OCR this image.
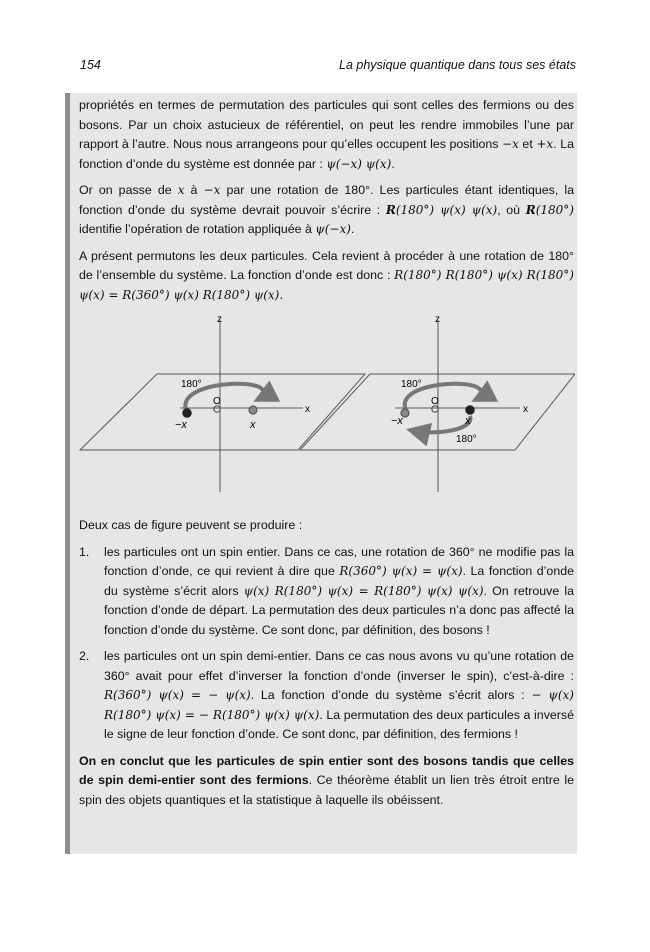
154	La physique quantique dans tous ses états

propriétés en termes de permutation des particules qui sont celles des fermions ou des bosons. Par un choix astucieux de référentiel, on peut les rendre immobiles l’une par rapport à l’autre. Nous nous arrangeons pour qu’elles occupent les positions −x et +x. La fonction d’onde du système est donnée par : ψ(−x) ψ(x).

Or on passe de x à −x par une rotation de 180°. Les particules étant identiques, la fonction d’onde du système devrait pouvoir s’écrire : R(180°) ψ(x) ψ(x), où R(180°) identifie l’opération de rotation appliquée à ψ(−x).

A présent permutons les deux particules. Cela revient à procéder à une rotation de 180° de l’ensemble du système. La fonction d’onde est donc : R(180°) R(180°) ψ(x) R(180°) ψ(x) = R(360°) ψ(x) R(180°) ψ(x).

z
x
180°
O
−x	x
z
x
180°
180°
O
−x	x

Deux cas de figure peuvent se produire :

1. les particules ont un spin entier. Dans ce cas, une rotation de 360° ne modifie pas la fonction d’onde, ce qui revient à dire que R(360°) ψ(x) = ψ(x). La fonction d’onde du système s’écrit alors ψ(x) R(180°) ψ(x) = R(180°) ψ(x) ψ(x). On retrouve la fonction d’onde de départ. La permutation des deux particules n’a donc pas affecté la fonction d’onde du système. Ce sont donc, par définition, des bosons !
2. les particules ont un spin demi-entier. Dans ce cas nous avons vu qu’une rotation de 360° avait pour effet d’inverser la fonction d’onde (inverser le spin), c’est-à-dire : R(360°) ψ(x) = − ψ(x). La fonction d’onde du système s’écrit alors : − ψ(x) R(180°) ψ(x) = − R(180°) ψ(x) ψ(x). La permutation des deux particules a inversé le signe de leur fonction d’onde. Ce sont donc, par définition, des fermions !

On en conclut que les particules de spin entier sont des bosons tandis que celles de spin demi-entier sont des fermions. Ce théorème établit un lien très étroit entre le spin des objets quantiques et la statistique à laquelle ils obéissent.
